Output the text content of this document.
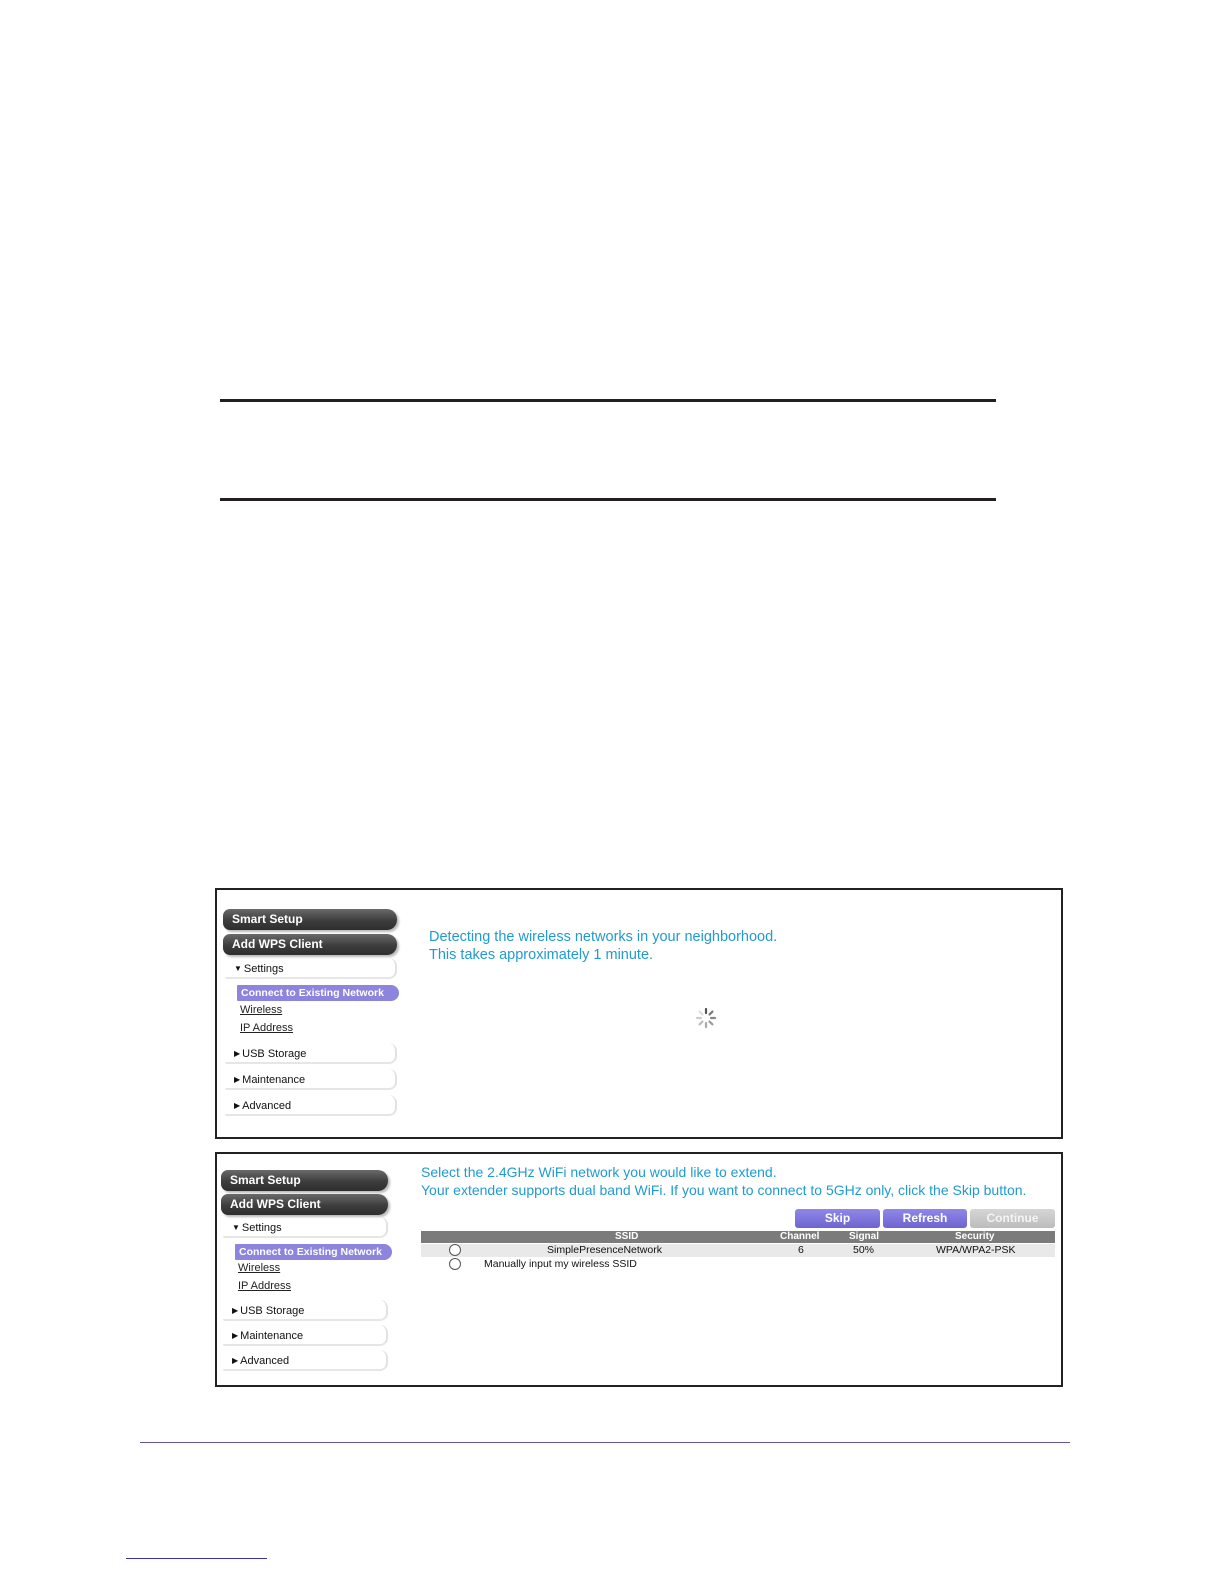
Smart Setup
Add WPS Client
▼ Settings
Connect to Existing Network
Wireless
IP Address
▶ USB Storage
▶ Maintenance
▶ Advanced
Detecting the wireless networks in your neighborhood.
This takes approximately 1 minute.
Smart Setup
Add WPS Client
▼ Settings
Connect to Existing Network
Wireless
IP Address
▶ USB Storage
▶ Maintenance
▶ Advanced
Select the 2.4GHz WiFi network you would like to extend.
Your extender supports dual band WiFi. If you want to connect to 5GHz only, click the Skip button.
Skip	Refresh	Continue
SSID	Channel	Signal	Security
SimplePresenceNetwork	6	50%	WPA/WPA2-PSK
Manually input my wireless SSID
